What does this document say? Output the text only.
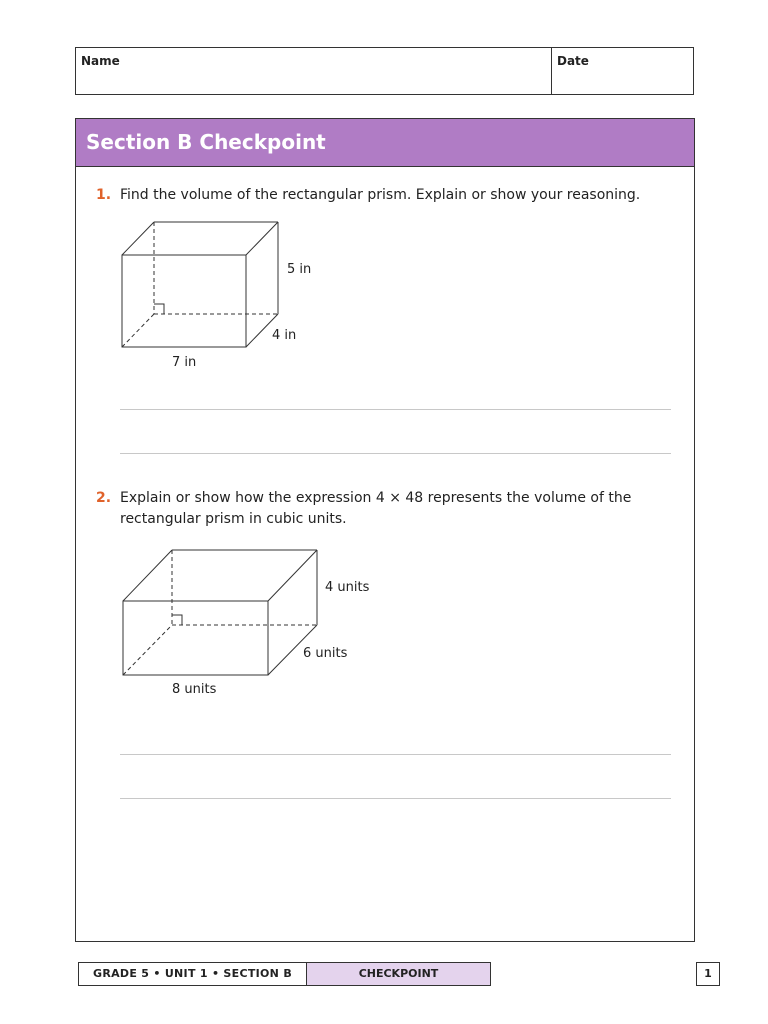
Name	Date
Section B Checkpoint
1. Find the volume of the rectangular prism. Explain or show your reasoning.
5 in
4 in
7 in
2. Explain or show how the expression 4 × 48 represents the volume of the rectangular prism in cubic units.
4 units
6 units
8 units
GRADE 5 • UNIT 1 • SECTION B	CHECKPOINT	1
